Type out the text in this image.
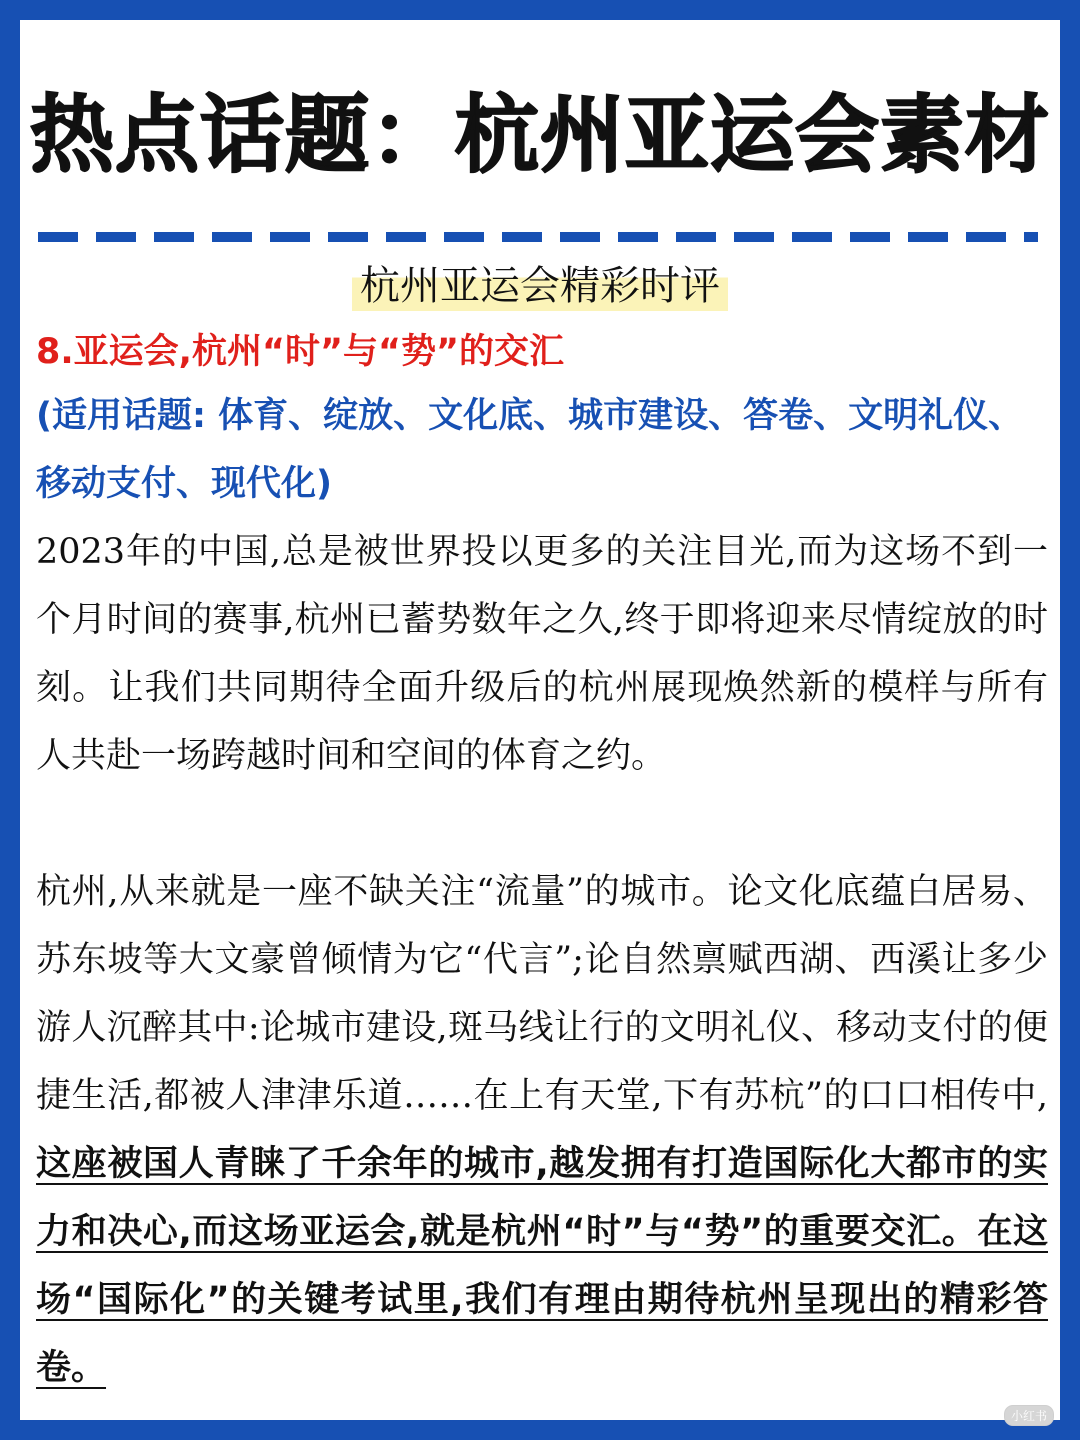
热点话题：杭州亚运会素材
杭州亚运会精彩时评

8.亚运会,杭州“时”与“势”的交汇

(适用话题: 体育、绽放、文化底、城市建设、答卷、文明礼仪、移动支付、现代化)

2023年的中国,总是被世界投以更多的关注目光,而为这场不到一个月时间的赛事,杭州已蓄势数年之久,终于即将迎来尽情绽放的时刻。让我们共同期待全面升级后的杭州展现焕然新的模样与所有人共赴一场跨越时间和空间的体育之约。

杭州,从来就是一座不缺关注“流量”的城市。论文化底蕴白居易、苏东坡等大文豪曾倾情为它“代言”;论自然禀赋西湖、西溪让多少游人沉醉其中:论城市建设,斑马线让行的文明礼仪、移动支付的便捷生活,都被人津津乐道……在上有天堂,下有苏杭”的口口相传中,这座被国人青睐了千余年的城市,越发拥有打造国际化大都市的实力和决心,而这场亚运会,就是杭州“时”与“势”的重要交汇。在这场“国际化”的关键考试里,我们有理由期待杭州呈现出的精彩答卷。

小红书
